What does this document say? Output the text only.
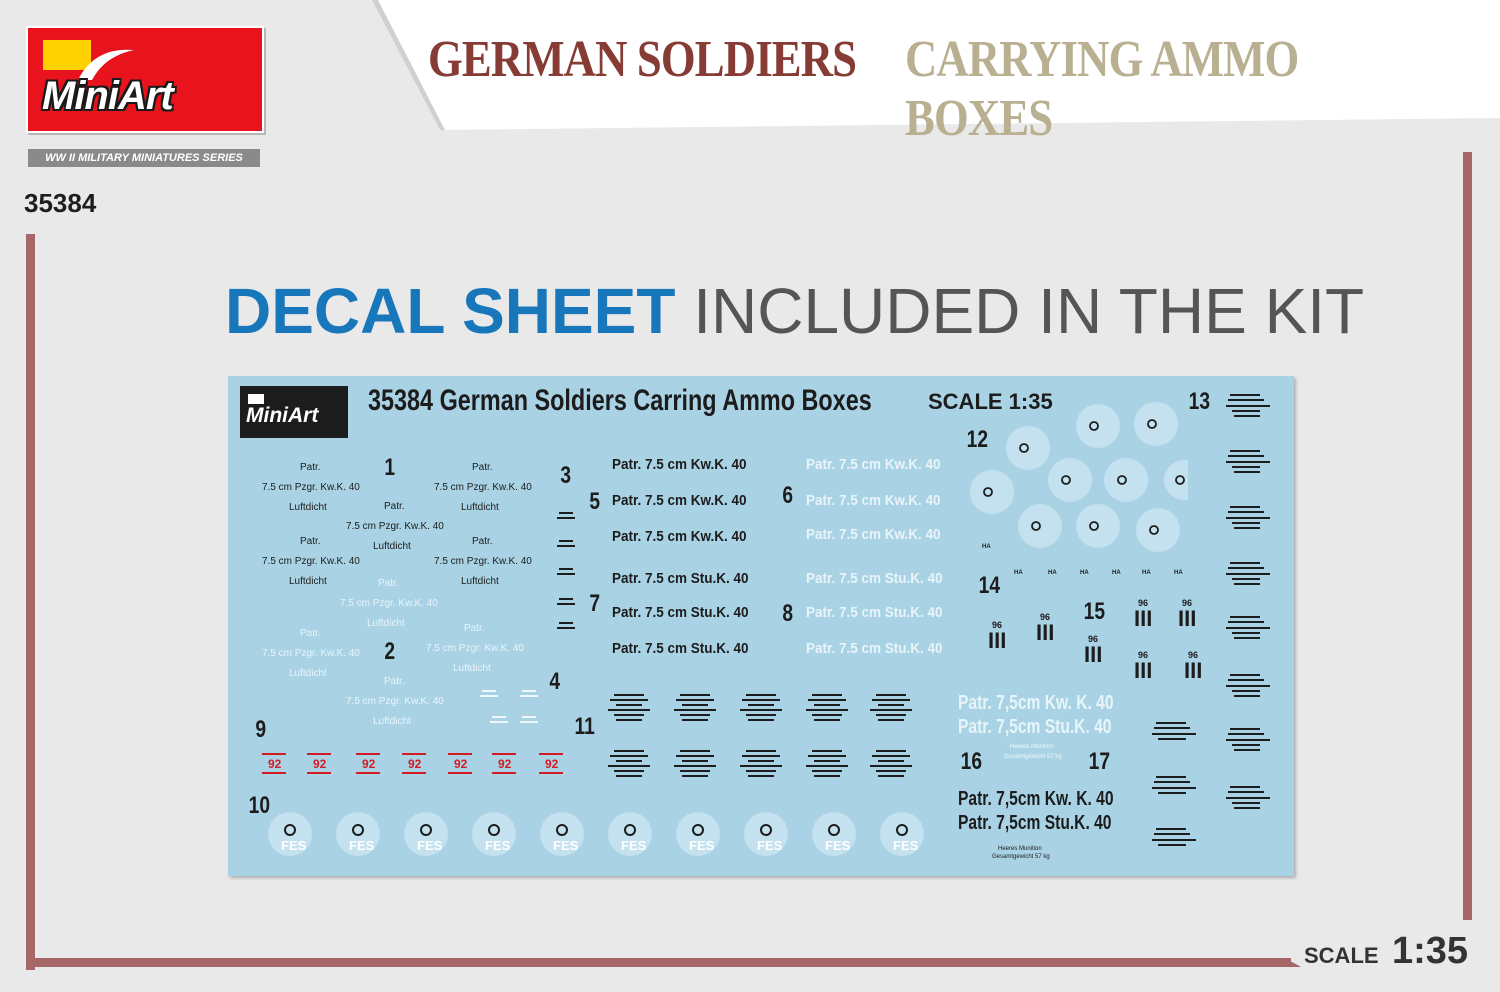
MiniArt
WW II MILITARY MINIATURES SERIES
35384
GERMAN SOLDIERS CARRYING AMMO BOXES
DECAL SHEET INCLUDED IN THE KIT
MiniArt 35384 German Soldiers Carring Ammo Boxes	SCALE 1:35
1
2
3
4
5	6
7	8
9
10
11
12
13
14
15
16	17
Patr.
7.5 cm Pzgr. Kw.K. 40
Luftdicht
Patr.
7.5 cm Pzgr. Kw.K. 40
Luftdicht
Patr.
7.5 cm Pzgr. Kw.K. 40
Luftdicht
Patr.
7.5 cm Pzgr. Kw.K. 40
Luftdicht
Patr.
7.5 cm Pzgr. Kw.K. 40
Luftdicht
Patr.
7.5 cm Pzgr. Kw.K. 40
Luftdicht
Patr.
7.5 cm Pzgr. Kw.K. 40
Luftdicht
Patr.
7.5 cm Pzgr. Kw.K. 40
Luftdicht
Patr.
7.5 cm Pzgr. Kw.K. 40
Luftdicht
Patr. 7.5 cm Kw.K. 40
Patr. 7.5 cm Kw.K. 40
Patr. 7.5 cm Kw.K. 40
Patr. 7.5 cm Stu.K. 40
Patr. 7.5 cm Stu.K. 40
Patr. 7.5 cm Stu.K. 40
Patr. 7.5 cm Kw.K. 40
Patr. 7.5 cm Kw.K. 40
Patr. 7.5 cm Kw.K. 40
Patr. 7.5 cm Stu.K. 40
Patr. 7.5 cm Stu.K. 40
Patr. 7.5 cm Stu.K. 40
92	92	92	92	92	92	92
FES	FES	FES	FES	FES	FES	FES	FES	FES	FES
HA
HA	HA	HA	HA	HA	HA
III III
III
III III
III III
96
96
96
96	96
96	96
Patr. 7,5cm Kw. K. 40
Patr. 7,5cm Stu.K. 40
Heeres Munition
Gesamtgewicht 57 kg
Patr. 7,5cm Kw. K. 40
Patr. 7,5cm Stu.K. 40
Heeres Munition
Gesamtgewicht 57 kg
SCALE 1:35
